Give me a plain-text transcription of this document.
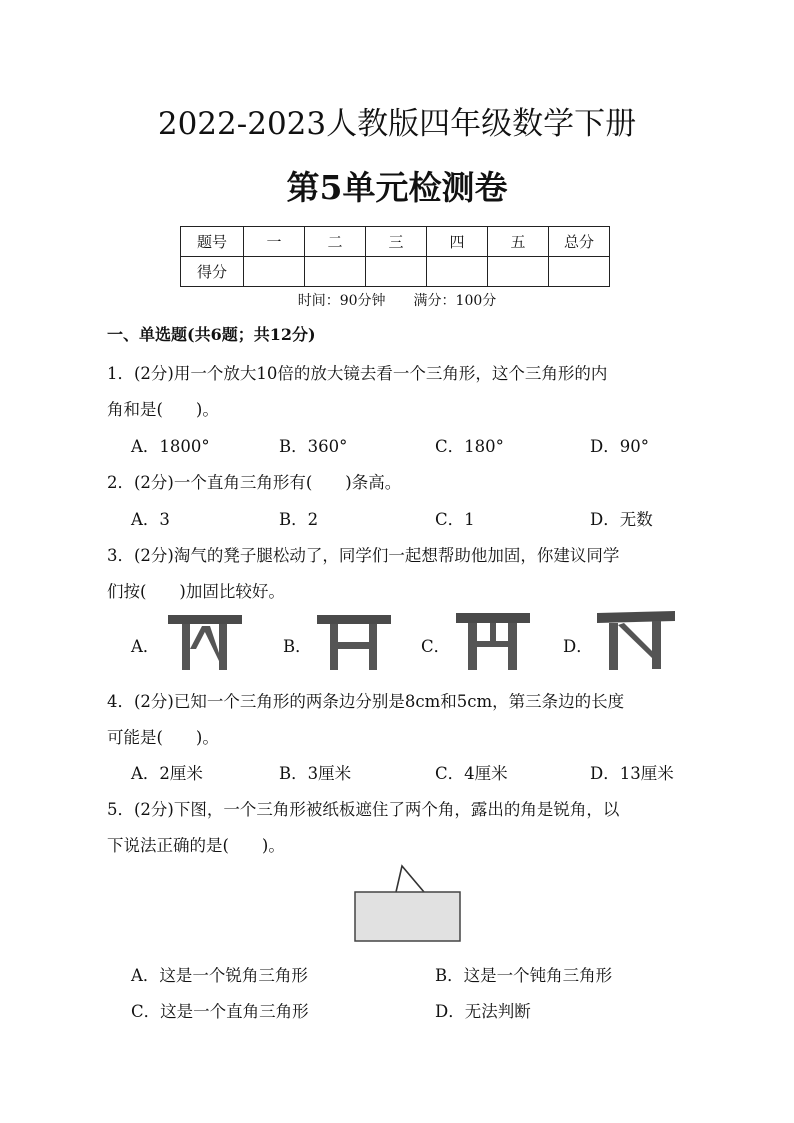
2022-2023人教版四年级数学下册
第5单元检测卷
题号	一	二	三	四	五	总分
得分						
时间：90分钟　　满分：100分
一、单选题(共6题；共12分)
1．(2分)用一个放大10倍的放大镜去看一个三角形，这个三角形的内
角和是(　　)。
A．1800°	B．360°	C．180°	D．90°
2．(2分)一个直角三角形有(　　)条高。
A．3	B．2	C．1	D．无数
3．(2分)淘气的凳子腿松动了，同学们一起想帮助他加固，你建议同学
们按(　　)加固比较好。
A．	B．	C．	D．
4．(2分)已知一个三角形的两条边分别是8cm和5cm，第三条边的长度
可能是(　　)。
A．2厘米	B．3厘米	C．4厘米	D．13厘米
5．(2分)下图，一个三角形被纸板遮住了两个角，露出的角是锐角，以
下说法正确的是(　　)。
A．这是一个锐角三角形	B．这是一个钝角三角形
C．这是一个直角三角形	D．无法判断
